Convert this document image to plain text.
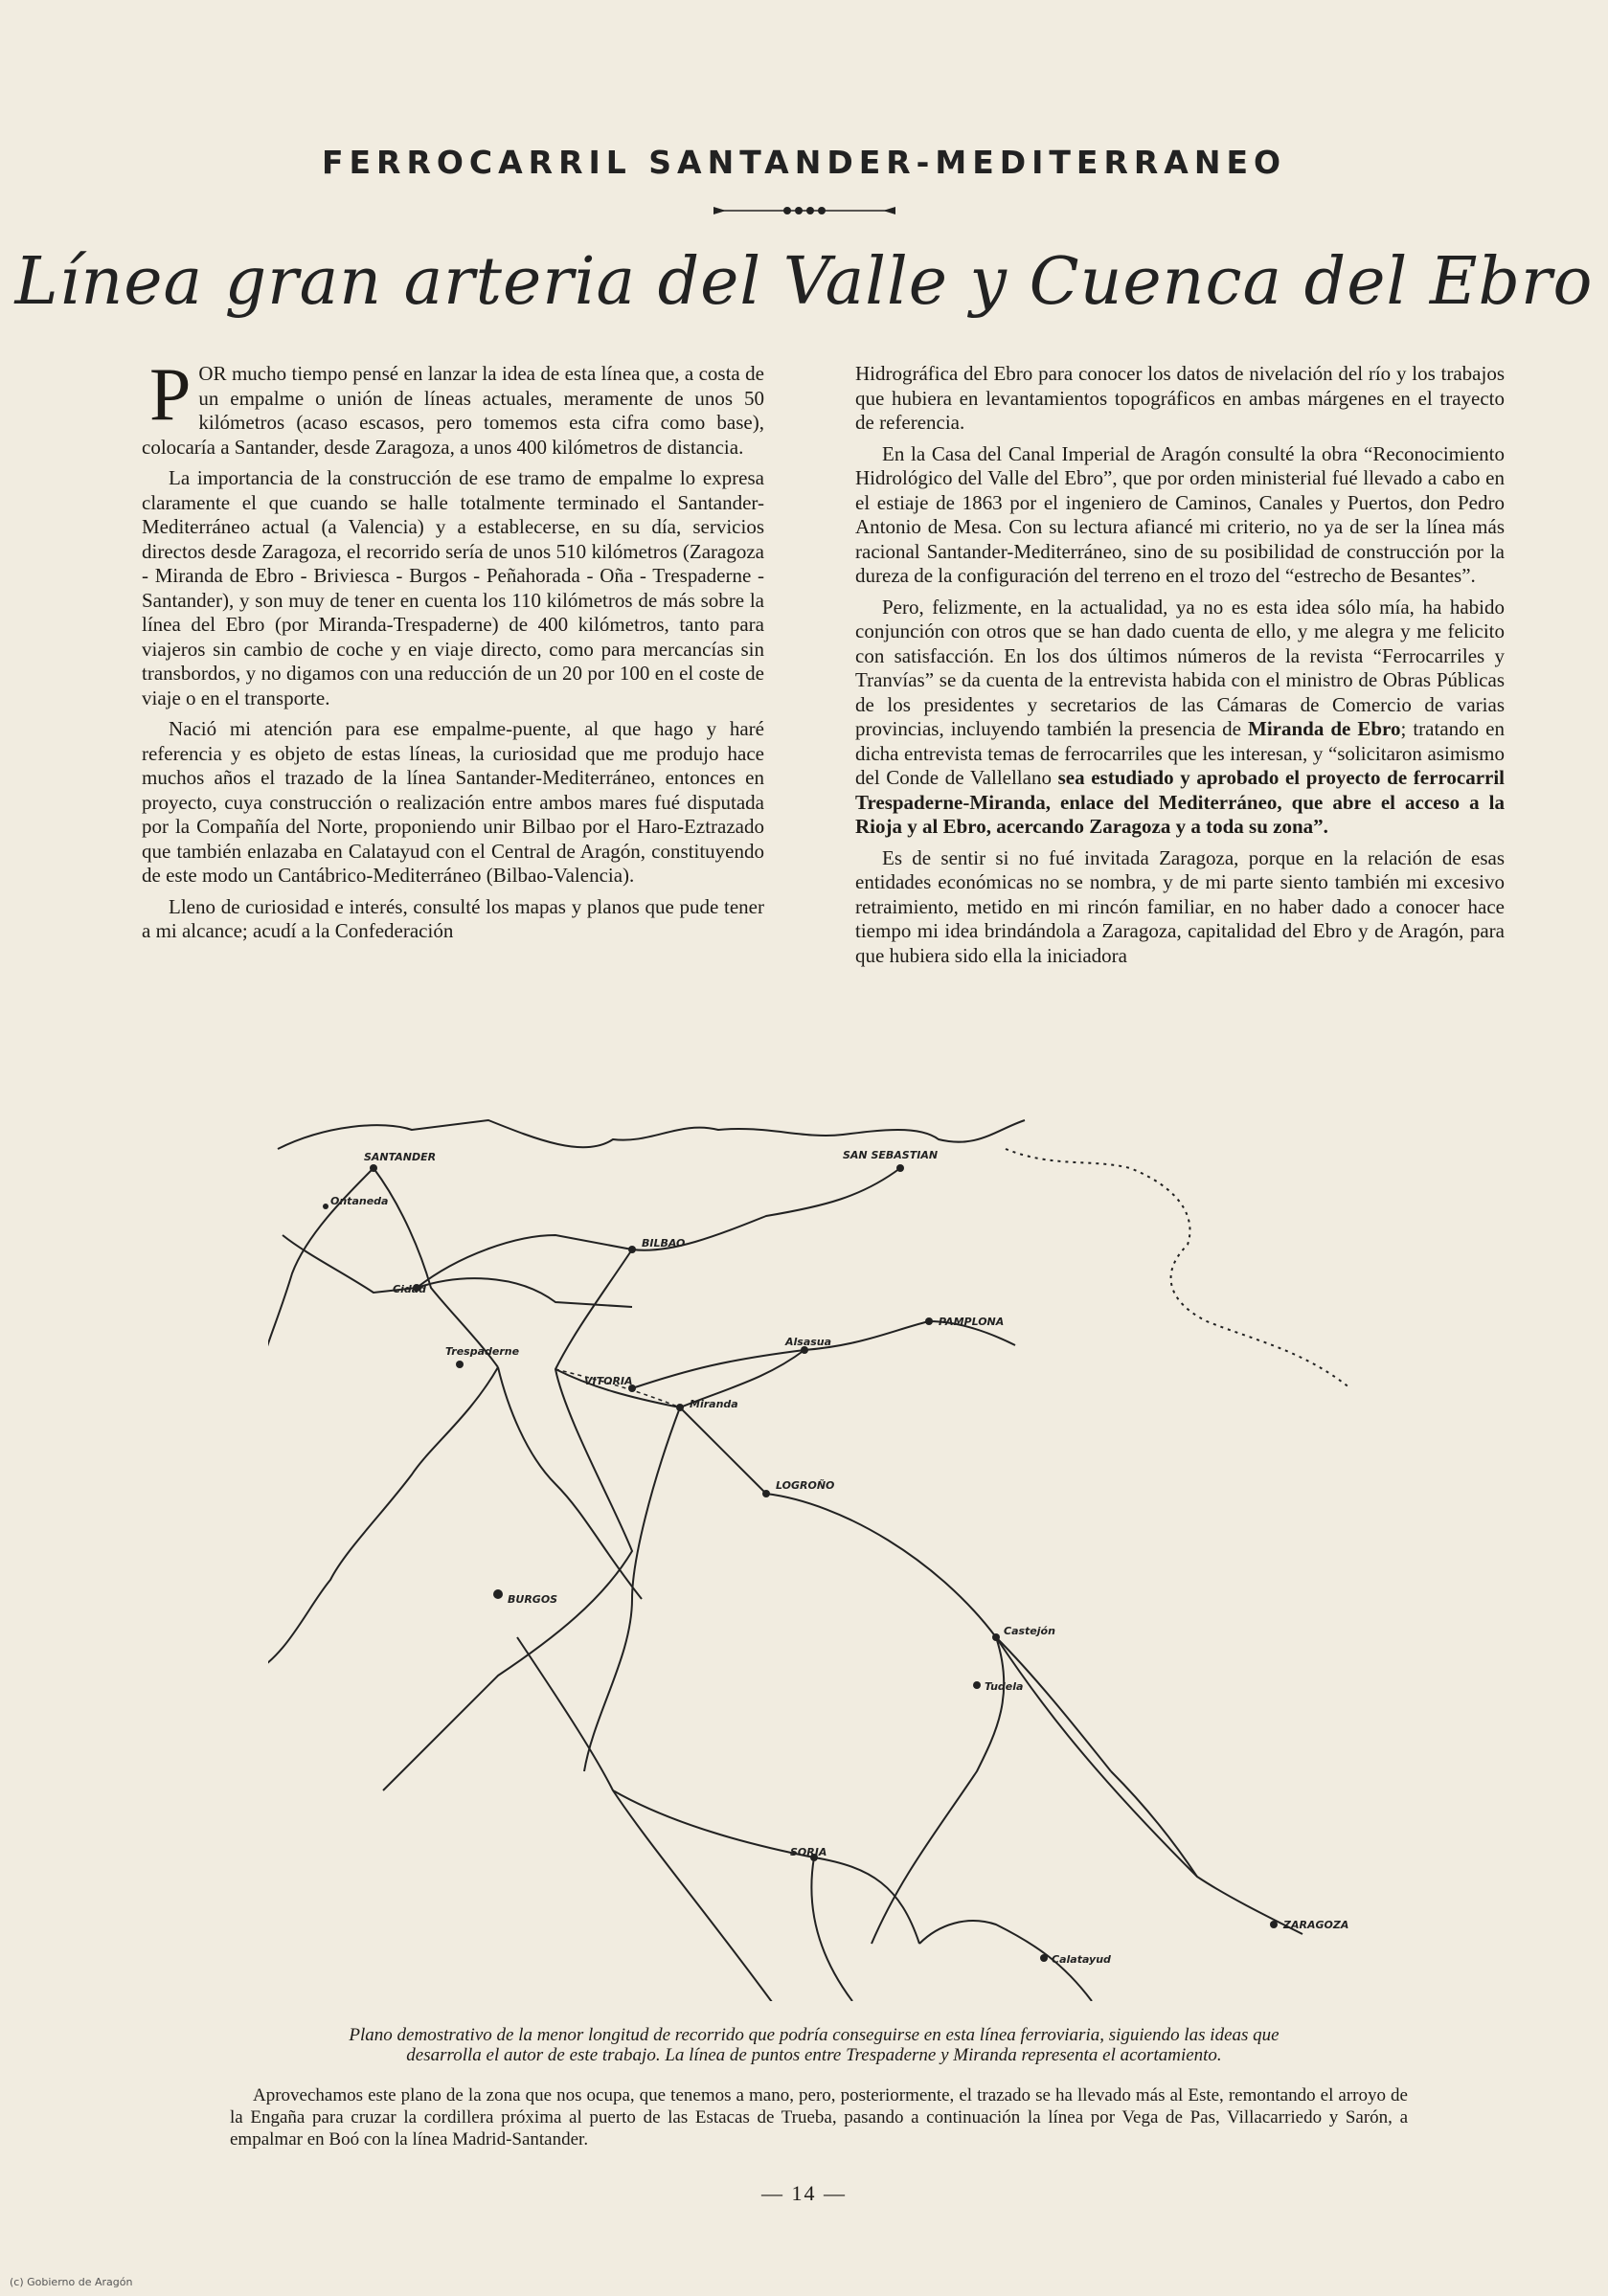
FERROCARRIL SANTANDER-MEDITERRANEO
Línea gran arteria del Valle y Cuenca del Ebro

POR mucho tiempo pensé en lanzar la idea de esta línea que, a costa de un empalme o unión de líneas actuales, meramente de unos 50 kilómetros (acaso escasos, pero tomemos esta cifra como base), colocaría a Santander, desde Zaragoza, a unos 400 kilómetros de distancia.

La importancia de la construcción de ese tramo de empalme lo expresa claramente el que cuando se halle totalmente terminado el Santander-Mediterráneo actual (a Valencia) y a establecerse, en su día, servicios directos desde Zaragoza, el recorrido sería de unos 510 kilómetros (Zaragoza - Miranda de Ebro - Briviesca - Burgos - Peñahorada - Oña - Trespaderne - Santander), y son muy de tener en cuenta los 110 kilómetros de más sobre la línea del Ebro (por Miranda-Trespaderne) de 400 kilómetros, tanto para viajeros sin cambio de coche y en viaje directo, como para mercancías sin transbordos, y no digamos con una reducción de un 20 por 100 en el coste de viaje o en el transporte.

Nació mi atención para ese empalme-puente, al que hago y haré referencia y es objeto de estas líneas, la curiosidad que me produjo hace muchos años el trazado de la línea Santander-Mediterráneo, entonces en proyecto, cuya construcción o realización entre ambos mares fué disputada por la Compañía del Norte, proponiendo unir Bilbao por el Haro-Eztrazado que también enlazaba en Calatayud con el Central de Aragón, constituyendo de este modo un Cantábrico-Mediterráneo (Bilbao-Valencia).

Lleno de curiosidad e interés, consulté los mapas y planos que pude tener a mi alcance; acudí a la Confederación

Hidrográfica del Ebro para conocer los datos de nivelación del río y los trabajos que hubiera en levantamientos topográficos en ambas márgenes en el trayecto de referencia.

En la Casa del Canal Imperial de Aragón consulté la obra “Reconocimiento Hidrológico del Valle del Ebro”, que por orden ministerial fué llevado a cabo en el estiaje de 1863 por el ingeniero de Caminos, Canales y Puertos, don Pedro Antonio de Mesa. Con su lectura afiancé mi criterio, no ya de ser la línea más racional Santander-Mediterráneo, sino de su posibilidad de construcción por la dureza de la configuración del terreno en el trozo del “estrecho de Besantes”.

Pero, felizmente, en la actualidad, ya no es esta idea sólo mía, ha habido conjunción con otros que se han dado cuenta de ello, y me alegra y me felicito con satisfacción. En los dos últimos números de la revista “Ferrocarriles y Tranvías” se da cuenta de la entrevista habida con el ministro de Obras Públicas de los presidentes y secretarios de las Cámaras de Comercio de varias provincias, incluyendo también la presencia de Miranda de Ebro; tratando en dicha entrevista temas de ferrocarriles que les interesan, y “solicitaron asimismo del Conde de Vallellano sea estudiado y aprobado el proyecto de ferrocarril Trespaderne-Miranda, enlace del Mediterráneo, que abre el acceso a la Rioja y al Ebro, acercando Zaragoza y a toda su zona”.

Es de sentir si no fué invitada Zaragoza, porque en la relación de esas entidades económicas no se nombra, y de mi parte siento también mi excesivo retraimiento, metido en mi rincón familiar, en no haber dado a conocer hace tiempo mi idea brindándola a Zaragoza, capitalidad del Ebro y de Aragón, para que hubiera sido ella la iniciadora

SANTANDER	SAN SEBASTIAN
BILBAO
Ontaneda
Cidad
VITORIA
Alsasua
PAMPLONA
Trespaderne
Miranda
LOGROÑO
BURGOS
Castejón
Tudela
SORIA
ZARAGOZA
Calatayud
Plano demostrativo de la menor longitud de recorrido que podría conseguirse en esta línea ferroviaria, siguiendo las ideas que desarrolla el autor de este trabajo. La línea de puntos entre Trespaderne y Miranda representa el acortamiento.
Aprovechamos este plano de la zona que nos ocupa, que tenemos a mano, pero, posteriormente, el trazado se ha llevado más al Este, remontando el arroyo de la Engaña para cruzar la cordillera próxima al puerto de las Estacas de Trueba, pasando a continuación la línea por Vega de Pas, Villacarriedo y Sarón, a empalmar en Boó con la línea Madrid-Santander.
— 14 —
(c) Gobierno de Aragón
